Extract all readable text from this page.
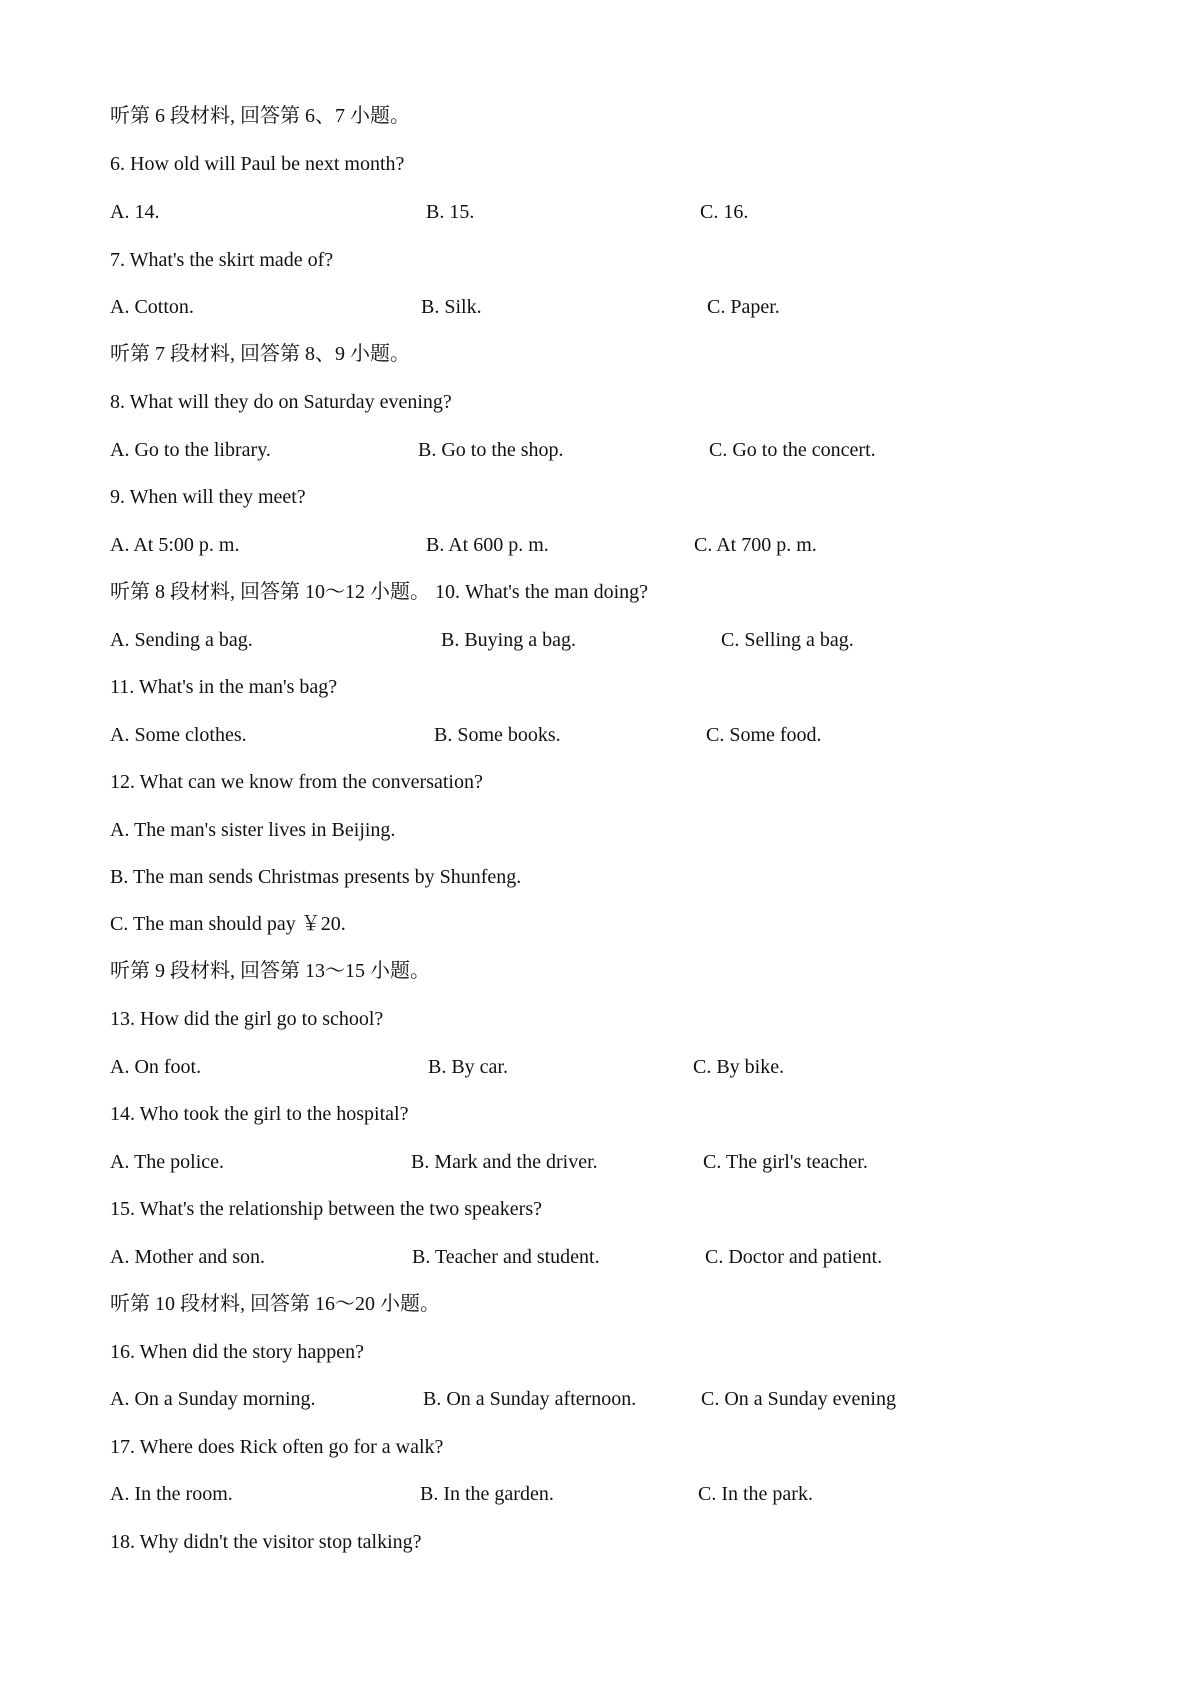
听第 6 段材料, 回答第 6、7 小题。
6. How old will Paul be next month?
A. 14.	B. 15.	C. 16.
7. What's the skirt made of?
A. Cotton.	B. Silk.	C. Paper.
听第 7 段材料, 回答第 8、9 小题。
8. What will they do on Saturday evening?
A. Go to the library.	B. Go to the shop.	C. Go to the concert.
9. When will they meet?
A. At 5:00 p. m.	B. At 600 p. m.	C. At 700 p. m.
听第 8 段材料, 回答第 10～12 小题。 10. What's the man doing?
A. Sending a bag.	B. Buying a bag.	C. Selling a bag.
11. What's in the man's bag?
A. Some clothes.	B. Some books.	C. Some food.
12. What can we know from the conversation?
A. The man's sister lives in Beijing.
B. The man sends Christmas presents by Shunfeng.
C. The man should pay ￥20.
听第 9 段材料, 回答第 13～15 小题。
13. How did the girl go to school?
A. On foot.	B. By car.	C. By bike.
14. Who took the girl to the hospital?
A. The police.	B. Mark and the driver.	C. The girl's teacher.
15. What's the relationship between the two speakers?
A. Mother and son.	B. Teacher and student.	C. Doctor and patient.
听第 10 段材料, 回答第 16～20 小题。
16. When did the story happen?
A. On a Sunday morning.	B. On a Sunday afternoon.	C. On a Sunday evening
17. Where does Rick often go for a walk?
A. In the room.	B. In the garden.	C. In the park.
18. Why didn't the visitor stop talking?
